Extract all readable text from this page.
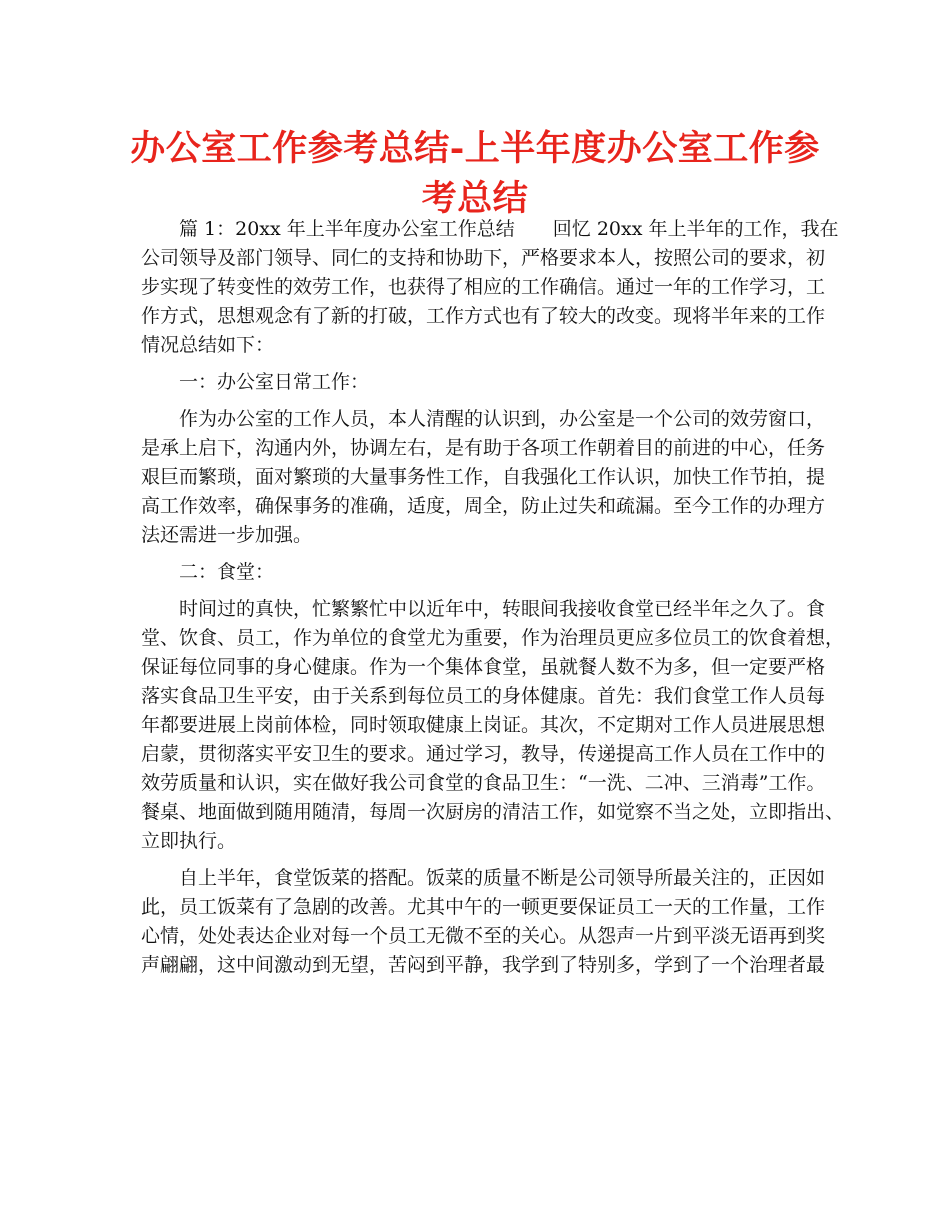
办公室工作参考总结-上半年度办公室工作参考总结
篇 1：20xx 年上半年度办公室工作总结　　回忆 20xx 年上半年的工作，我在
公司领导及部门领导、同仁的支持和协助下，严格要求本人，按照公司的要求，初
步实现了转变性的效劳工作，也获得了相应的工作确信。通过一年的工作学习，工
作方式，思想观念有了新的打破，工作方式也有了较大的改变。现将半年来的工作
情况总结如下：
一：办公室日常工作：
作为办公室的工作人员，本人清醒的认识到，办公室是一个公司的效劳窗口，
是承上启下，沟通内外，协调左右，是有助于各项工作朝着目的前进的中心，任务
艰巨而繁琐，面对繁琐的大量事务性工作，自我强化工作认识，加快工作节拍，提
高工作效率，确保事务的准确，适度，周全，防止过失和疏漏。至今工作的办理方
法还需进一步加强。
二：食堂：
时间过的真快，忙繁繁忙中以近年中，转眼间我接收食堂已经半年之久了。食
堂、饮食、员工，作为单位的食堂尤为重要，作为治理员更应多位员工的饮食着想，
保证每位同事的身心健康。作为一个集体食堂，虽就餐人数不为多，但一定要严格
落实食品卫生平安，由于关系到每位员工的身体健康。首先：我们食堂工作人员每
年都要进展上岗前体检，同时领取健康上岗证。其次，不定期对工作人员进展思想
启蒙，贯彻落实平安卫生的要求。通过学习，教导，传递提高工作人员在工作中的
效劳质量和认识，实在做好我公司食堂的食品卫生：“一洗、二冲、三消毒”工作。
餐桌、地面做到随用随清，每周一次厨房的清洁工作，如觉察不当之处，立即指出、
立即执行。
自上半年，食堂饭菜的搭配。饭菜的质量不断是公司领导所最关注的，正因如
此，员工饭菜有了急剧的改善。尤其中午的一顿更要保证员工一天的工作量，工作
心情，处处表达企业对每一个员工无微不至的关心。从怨声一片到平淡无语再到奖
声翩翩，这中间激动到无望，苦闷到平静，我学到了特别多，学到了一个治理者最
